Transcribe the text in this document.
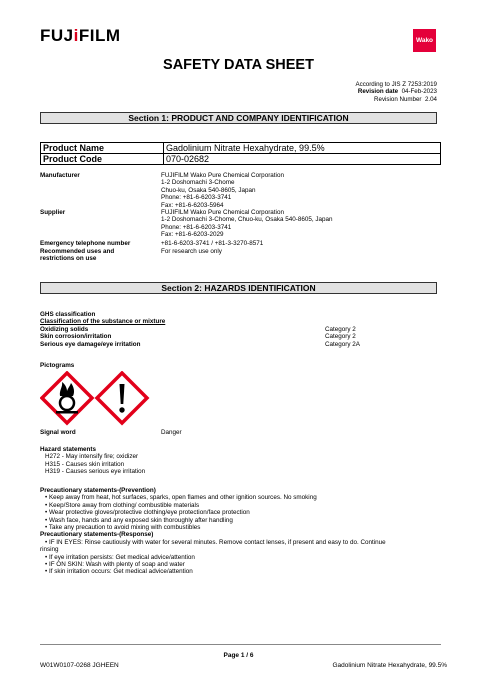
FUJiFILM	Wako
SAFETY DATA SHEET
According to JIS Z 7253:2019
Revision date 04-Feb-2023
Revision Number 2.04
Section 1: PRODUCT AND COMPANY IDENTIFICATION
Product Name	Gadolinium Nitrate Hexahydrate, 99.5%
Product Code	070-02682
Manufacturer	FUJIFILM Wako Pure Chemical Corporation
1-2 Doshomachi 3-Chome
Chuo-ku, Osaka 540-8605, Japan
Phone: +81-6-6203-3741
Fax: +81-6-6203-5964
Supplier	FUJIFILM Wako Pure Chemical Corporation
1-2 Doshomachi 3-Chome, Chuo-ku, Osaka 540-8605, Japan
Phone: +81-6-6203-3741
Fax: +81-6-6203-2029
Emergency telephone number	+81-6-6203-3741 / +81-3-3270-8571
Recommended uses and
restrictions on use
For research use only
Section 2: HAZARDS IDENTIFICATION
GHS classification
Classification of the substance or mixture
Oxidizing solids	Category 2
Skin corrosion/irritation	Category 2
Serious eye damage/eye irritation	Category 2A
Pictograms
Signal word	Danger
Hazard statements
H272 - May intensify fire; oxidizer
H315 - Causes skin irritation
H319 - Causes serious eye irritation
Precautionary statements-(Prevention)
• Keep away from heat, hot surfaces, sparks, open flames and other ignition sources. No smoking
• Keep/Store away from clothing/ combustible materials
• Wear protective gloves/protective clothing/eye protection/face protection
• Wash face, hands and any exposed skin thoroughly after handling
• Take any precaution to avoid mixing with combustibles
Precautionary statements-(Response)
• IF IN EYES: Rinse cautiously with water for several minutes. Remove contact lenses, if present and easy to do. Continue
rinsing
• If eye irritation persists: Get medical advice/attention
• IF ON SKIN: Wash with plenty of soap and water
• If skin irritation occurs: Get medical advice/attention
Page 1 / 6
W01W0107-0268 JGHEEN	Gadolinium Nitrate Hexahydrate, 99.5%
